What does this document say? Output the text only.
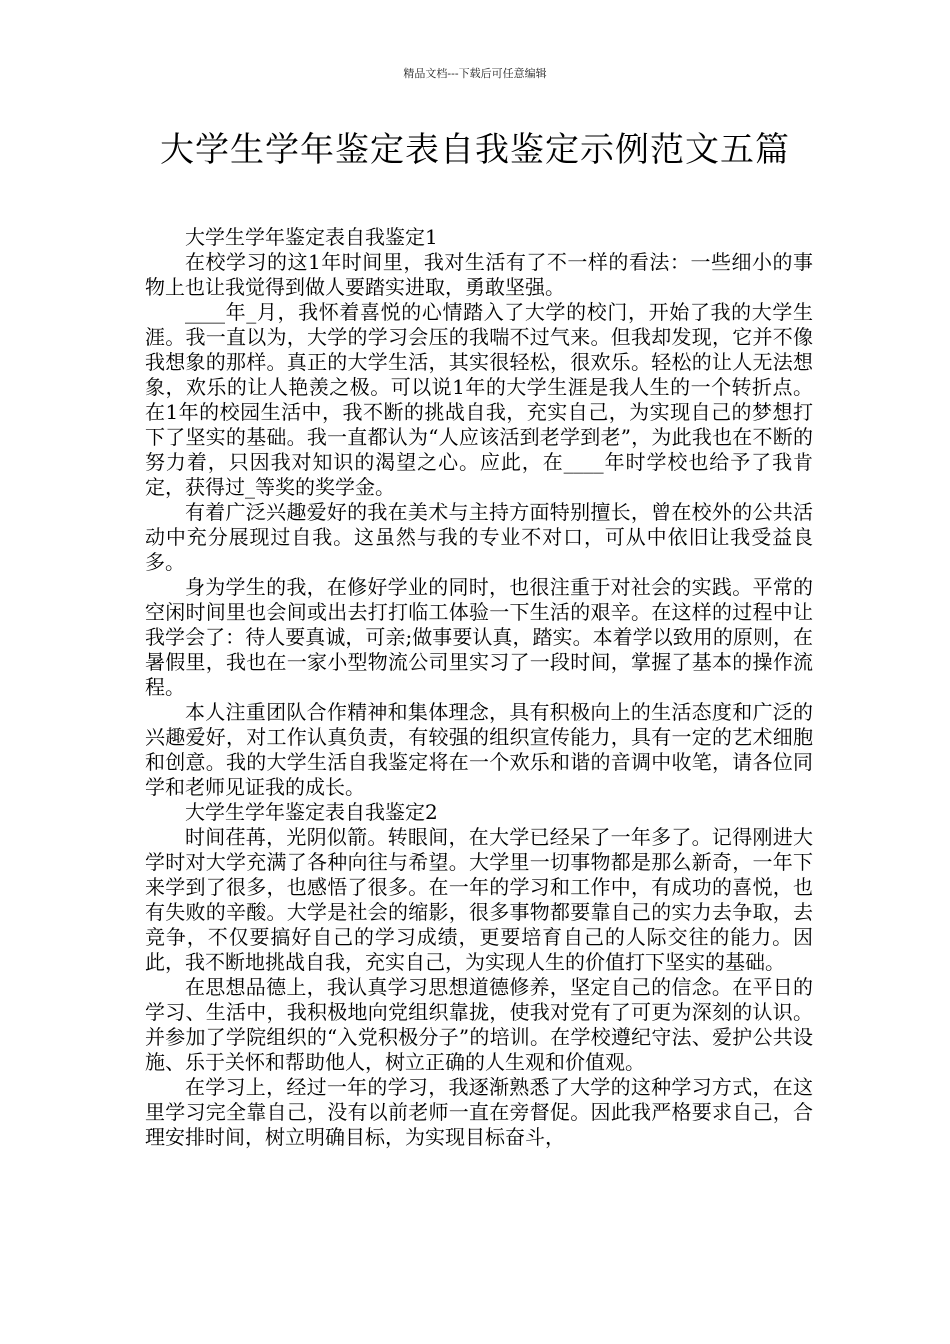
精品文档---下载后可任意编辑
大学生学年鉴定表自我鉴定示例范文五篇

大学生学年鉴定表自我鉴定1

在校学习的这1年时间里，我对生活有了不一样的看法：一些细小的事物上也让我觉得到做人要踏实进取，勇敢坚强。

____年_月，我怀着喜悦的心情踏入了大学的校门，开始了我的大学生涯。我一直以为，大学的学习会压的我喘不过气来。但我却发现，它并不像我想象的那样。真正的大学生活，其实很轻松，很欢乐。轻松的让人无法想象，欢乐的让人艳羡之极。可以说1年的大学生涯是我人生的一个转折点。在1年的校园生活中，我不断的挑战自我，充实自己，为实现自己的梦想打下了坚实的基础。我一直都认为“人应该活到老学到老”，为此我也在不断的努力着，只因我对知识的渴望之心。应此，在____年时学校也给予了我肯定，获得过_等奖的奖学金。

有着广泛兴趣爱好的我在美术与主持方面特别擅长，曾在校外的公共活动中充分展现过自我。这虽然与我的专业不对口，可从中依旧让我受益良多。

身为学生的我，在修好学业的同时，也很注重于对社会的实践。平常的空闲时间里也会间或出去打打临工体验一下生活的艰辛。在这样的过程中让我学会了：待人要真诚，可亲;做事要认真，踏实。本着学以致用的原则，在暑假里，我也在一家小型物流公司里实习了一段时间，掌握了基本的操作流程。

本人注重团队合作精神和集体理念，具有积极向上的生活态度和广泛的兴趣爱好，对工作认真负责，有较强的组织宣传能力，具有一定的艺术细胞和创意。我的大学生活自我鉴定将在一个欢乐和谐的音调中收笔，请各位同学和老师见证我的成长。

大学生学年鉴定表自我鉴定2

时间荏苒，光阴似箭。转眼间，在大学已经呆了一年多了。记得刚进大学时对大学充满了各种向往与希望。大学里一切事物都是那么新奇，一年下来学到了很多，也感悟了很多。在一年的学习和工作中，有成功的喜悦，也有失败的辛酸。大学是社会的缩影，很多事物都要靠自己的实力去争取，去竞争，不仅要搞好自己的学习成绩，更要培育自己的人际交往的能力。因此，我不断地挑战自我，充实自己，为实现人生的价值打下坚实的基础。

在思想品德上，我认真学习思想道德修养，坚定自己的信念。在平日的学习、生活中，我积极地向党组织靠拢，使我对党有了可更为深刻的认识。并参加了学院组织的“入党积极分子”的培训。在学校遵纪守法、爱护公共设施、乐于关怀和帮助他人，树立正确的人生观和价值观。

在学习上，经过一年的学习，我逐渐熟悉了大学的这种学习方式，在这里学习完全靠自己，没有以前老师一直在旁督促。因此我严格要求自己，合理安排时间，树立明确目标，为实现目标奋斗，
